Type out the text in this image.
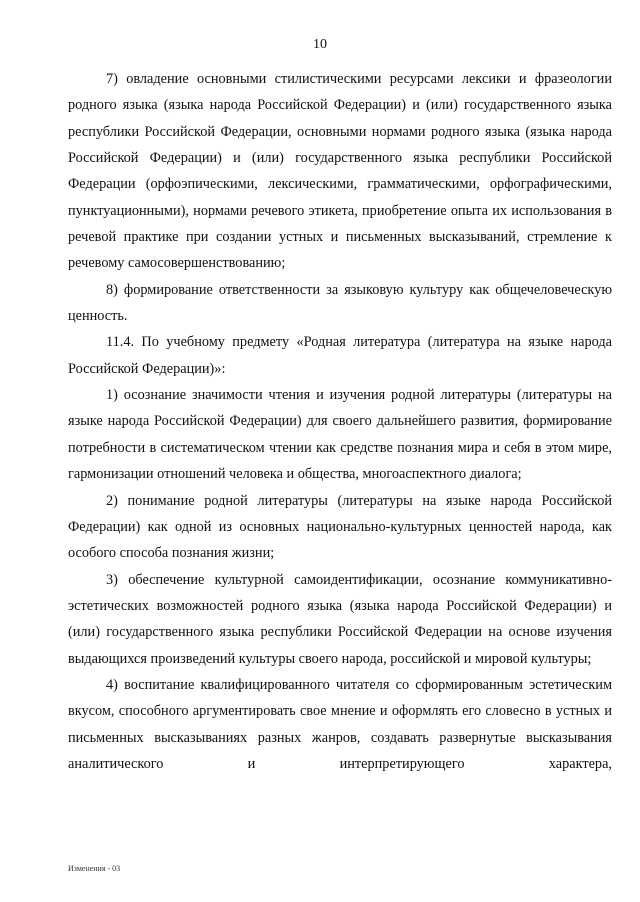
10

7) овладение основными стилистическими ресурсами лексики и фразеологии родного языка (языка народа Российской Федерации) и (или) государственного языка республики Российской Федерации, основными нормами родного языка (языка народа Российской Федерации) и (или) государственного языка республики Российской Федерации (орфоэпическими, лексическими, грамматическими, орфографическими, пунктуационными), нормами речевого этикета, приобретение опыта их использования в речевой практике при создании устных и письменных высказываний, стремление к речевому самосовершенствованию;

8) формирование ответственности за языковую культуру как общечеловеческую ценность.

11.4. По учебному предмету «Родная литература (литература на языке народа Российской Федерации)»:

1) осознание значимости чтения и изучения родной литературы (литературы на языке народа Российской Федерации) для своего дальнейшего развития, формирование потребности в систематическом чтении как средстве познания мира и себя в этом мире, гармонизации отношений человека и общества, многоаспектного диалога;

2) понимание родной литературы (литературы на языке народа Российской Федерации) как одной из основных национально-культурных ценностей народа, как особого способа познания жизни;

3) обеспечение культурной самоидентификации, осознание коммуникативно-эстетических возможностей родного языка (языка народа Российской Федерации) и (или) государственного языка республики Российской Федерации на основе изучения выдающихся произведений культуры своего народа, российской и мировой культуры;

4) воспитание квалифицированного читателя со сформированным эстетическим вкусом, способного аргументировать свое мнение и оформлять его словесно в устных и письменных высказываниях разных жанров, создавать развернутые высказывания аналитического и интерпретирующего характера,

Изменения - 03
